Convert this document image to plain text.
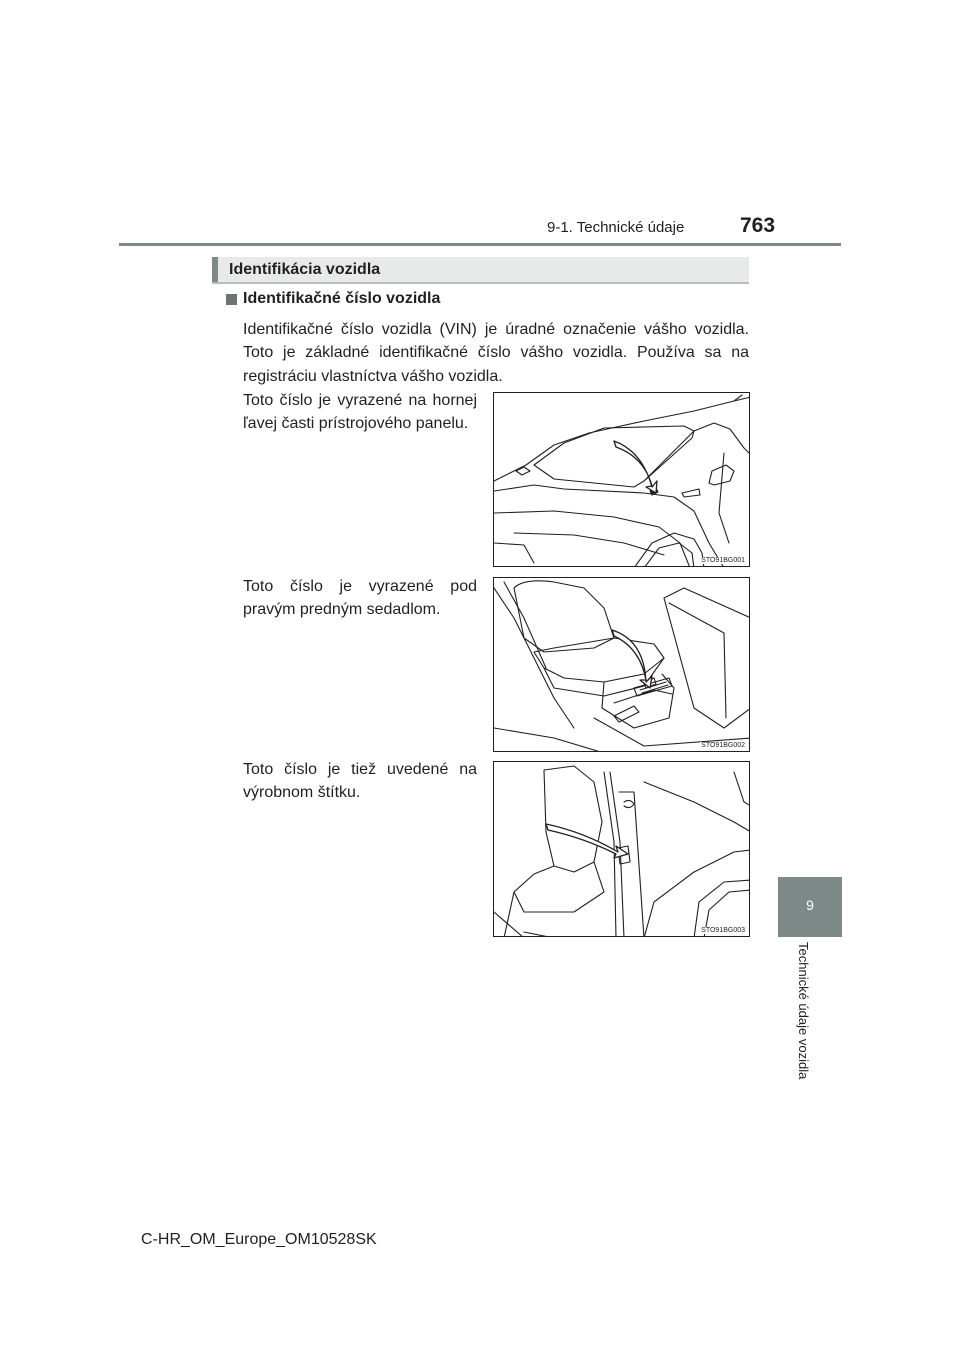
9-1. Technické údaje	763
9
Technické údaje vozidla
Identifikácia vozidla
Identifikačné číslo vozidla
Identifikačné číslo vozidla (VIN) je úradné označenie vášho vozidla. Toto je základné identifikačné číslo vášho vozidla. Používa sa na registráciu vlastníctva vášho vozidla.
Toto číslo je vyrazené na hornej ľavej časti prístrojového panelu.
STO91BG001
Toto číslo je vyrazené pod pravým predným sedadlom.
STO91BG002
Toto číslo je tiež uvedené na výrobnom štítku.
STO91BG003
C-HR_OM_Europe_OM10528SK
